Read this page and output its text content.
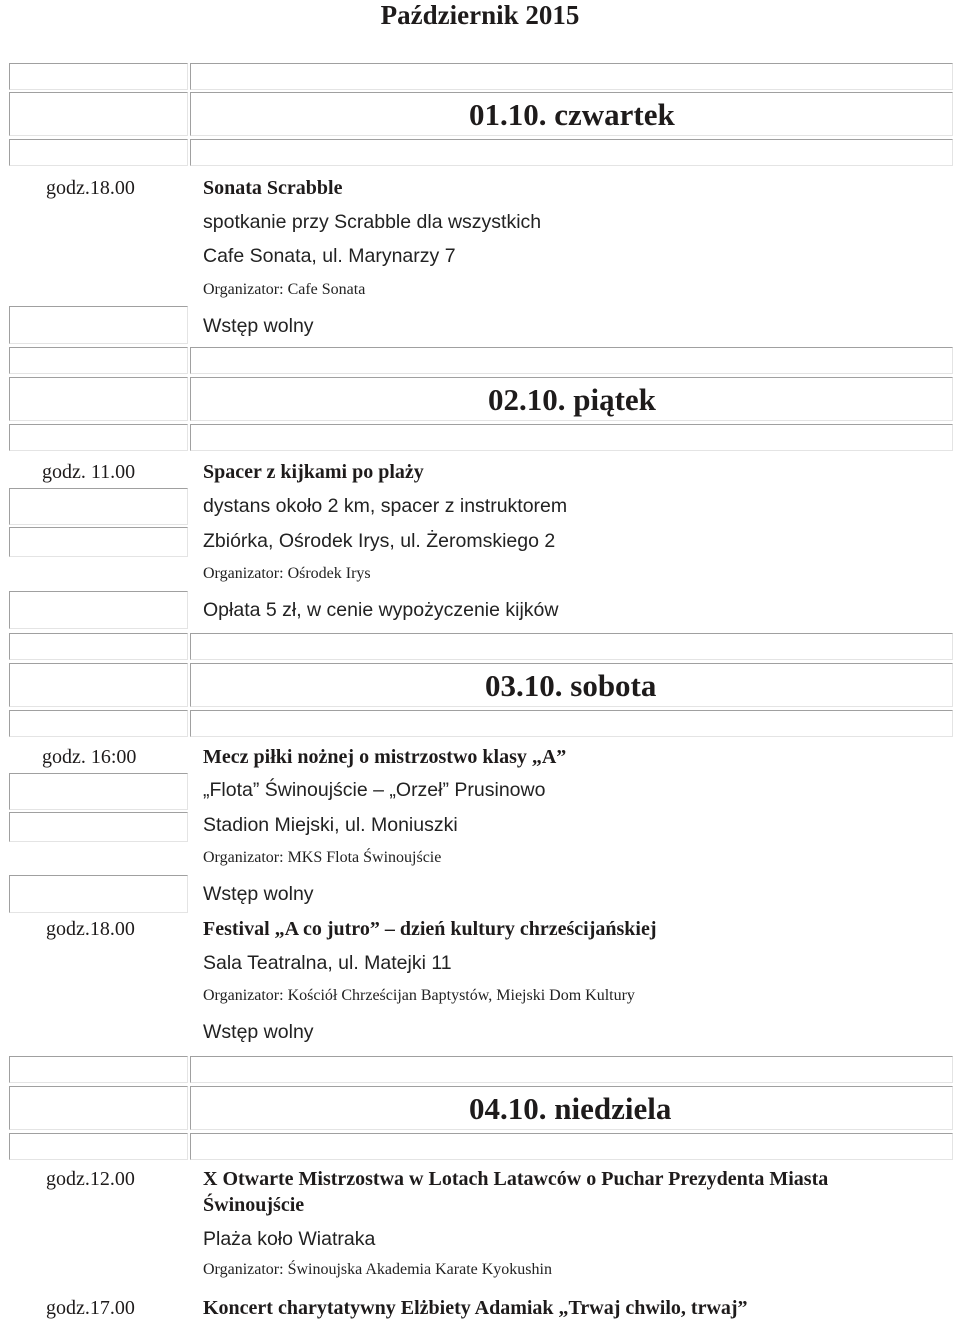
Październik 2015
01.10. czwartek
godz.18.00	Sonata Scrabble
spotkanie przy Scrabble dla wszystkich
Cafe Sonata, ul. Marynarzy 7
Organizator: Cafe Sonata
Wstęp wolny
02.10. piątek
godz. 11.00	Spacer z kijkami po plaży
dystans około 2 km, spacer z instruktorem
Zbiórka, Ośrodek Irys, ul. Żeromskiego 2
Organizator: Ośrodek Irys
Opłata 5 zł, w cenie wypożyczenie kijków
03.10. sobota
godz. 16:00	Mecz piłki nożnej o mistrzostwo klasy „A”
„Flota” Świnoujście – „Orzeł” Prusinowo
Stadion Miejski, ul. Moniuszki
Organizator: MKS Flota Świnoujście
Wstęp wolny
godz.18.00	Festival „A co jutro” – dzień kultury chrześcijańskiej
Sala Teatralna, ul. Matejki 11
Organizator: Kościół Chrześcijan Baptystów, Miejski Dom Kultury
Wstęp wolny
04.10. niedziela
godz.12.00	X Otwarte Mistrzostwa w Lotach Latawców o Puchar Prezydenta Miasta
Świnoujście
Plaża koło Wiatraka
Organizator: Świnoujska Akademia Karate Kyokushin
godz.17.00	Koncert charytatywny Elżbiety Adamiak „Trwaj chwilo, trwaj”
